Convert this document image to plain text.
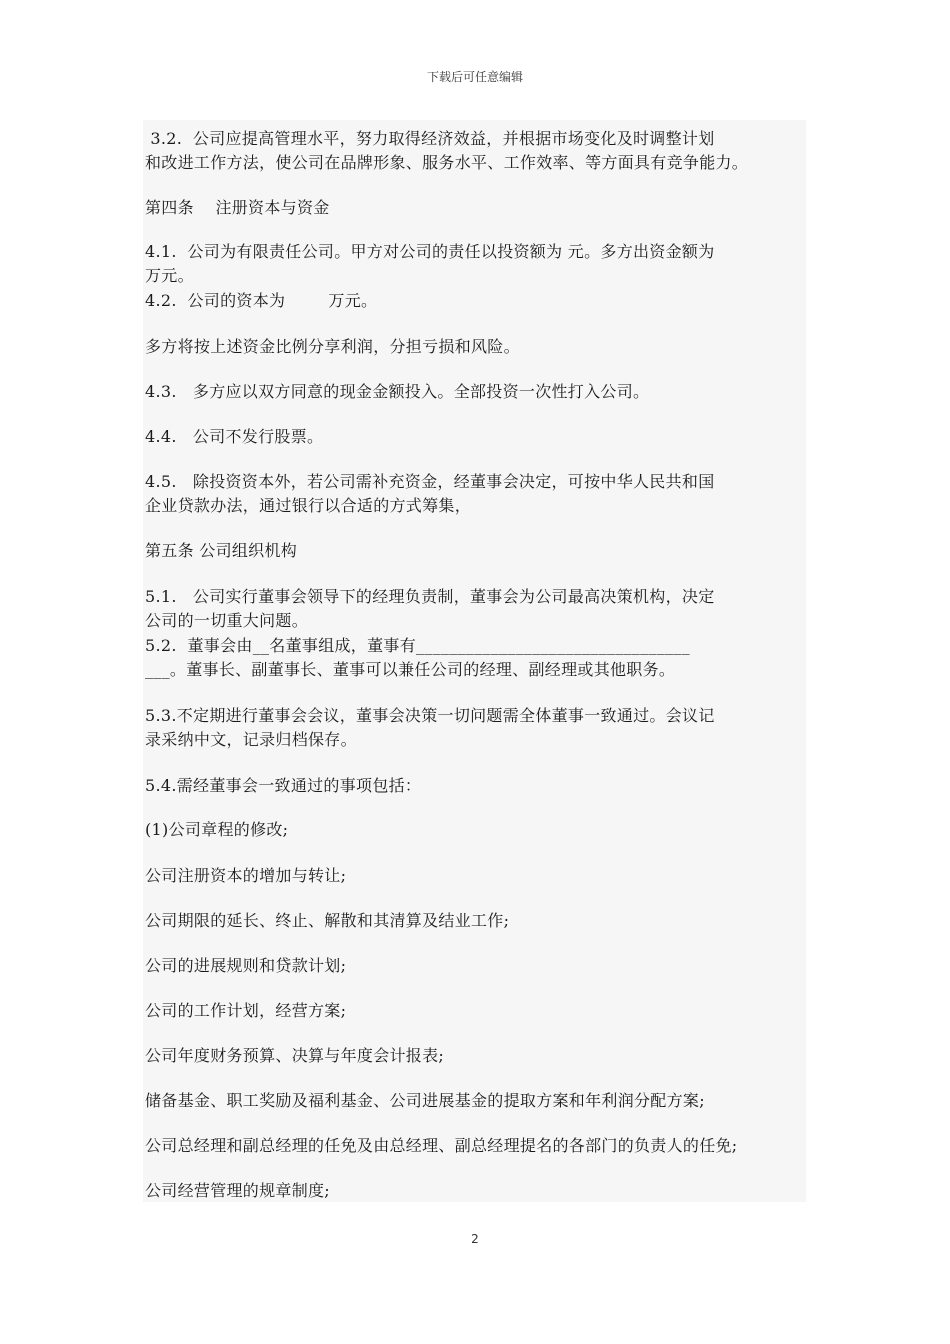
下载后可任意编辑
3.2.  公司应提高管理水平，努力取得经济效益，并根据市场变化及时调整计划
和改进工作方法，使公司在品牌形象、服务水平、工作效率、等方面具有竞争能力。
第四条    注册资本与资金
4.1.  公司为有限责任公司。甲方对公司的责任以投资额为 元。多方出资金额为
万元。
4.2.  公司的资本为        万元。
多方将按上述资金比例分享利润，分担亏损和风险。
4.3.   多方应以双方同意的现金金额投入。全部投资一次性打入公司。
4.4.   公司不发行股票。
4.5.   除投资资本外，若公司需补充资金，经董事会决定，可按中华人民共和国
企业贷款办法，通过银行以合适的方式筹集，
第五条 公司组织机构
5.1.   公司实行董事会领导下的经理负责制，董事会为公司最高决策机构，决定
公司的一切重大问题。
5.2.  董事会由__名董事组成，董事有_________________________________
___。董事长、副董事长、董事可以兼任公司的经理、副经理或其他职务。
5.3.不定期进行董事会会议，董事会决策一切问题需全体董事一致通过。会议记
录采纳中文，记录归档保存。
5.4.需经董事会一致通过的事项包括：
(1)公司章程的修改;
公司注册资本的增加与转让;
公司期限的延长、终止、解散和其清算及结业工作;
公司的进展规则和贷款计划;
公司的工作计划，经营方案;
公司年度财务预算、决算与年度会计报表;
储备基金、职工奖励及福利基金、公司进展基金的提取方案和年利润分配方案;
公司总经理和副总经理的任免及由总经理、副总经理提名的各部门的负责人的任免;
公司经营管理的规章制度;
2
